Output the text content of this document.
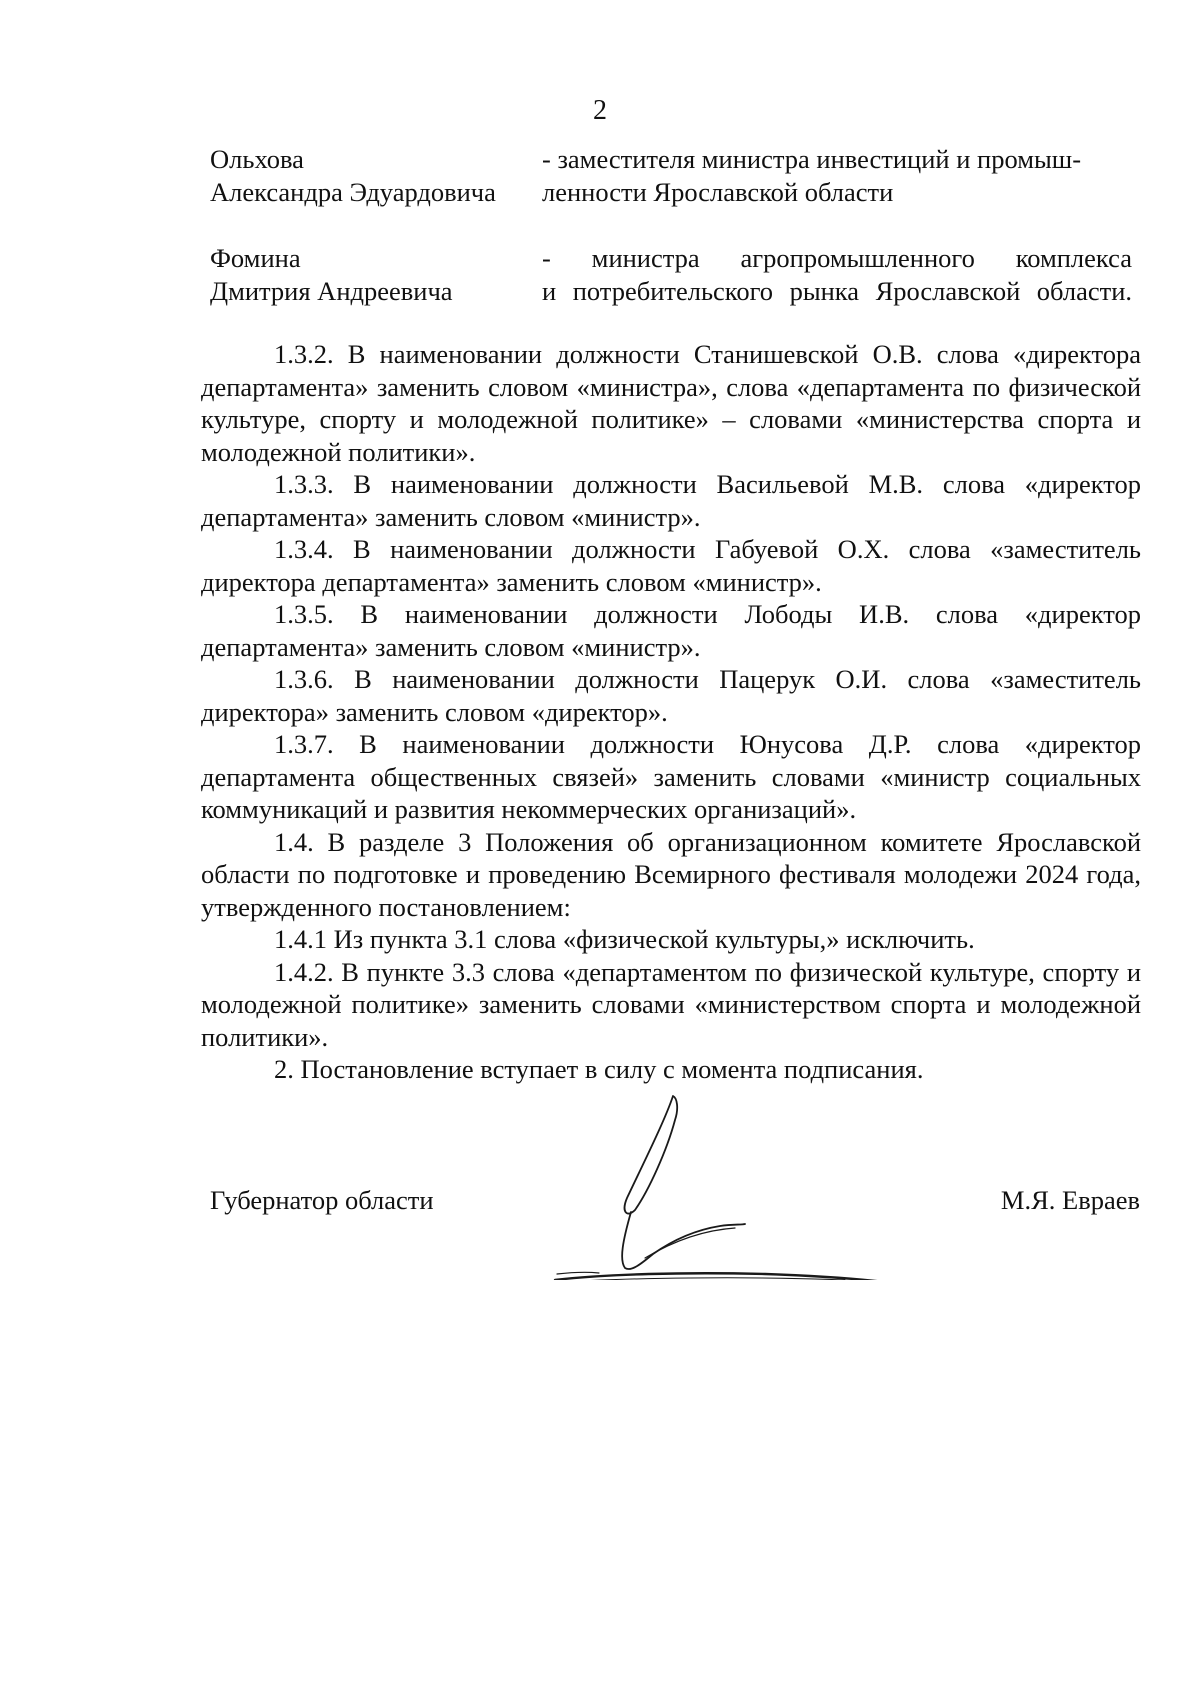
2
Ольхова
Александра Эдуардовича
- заместителя министра инвестиций и промыш-
ленности Ярославской области
Фомина
Дмитрия Андреевича
- министра агропромышленного комплекса
и потребительского рынка Ярославской области.

1.3.2. В наименовании должности Станишевской О.В. слова «директора департамента» заменить словом «министра», слова «департамента по физической культуре, спорту и молодежной политике» – словами «министерства спорта и молодежной политики».

1.3.3. В наименовании должности Васильевой М.В. слова «директор департамента» заменить словом «министр».

1.3.4. В наименовании должности Габуевой О.Х. слова «заместитель директора департамента» заменить словом «министр».

1.3.5. В наименовании должности Лободы И.В. слова «директор департамента» заменить словом «министр».

1.3.6. В наименовании должности Пацерук О.И. слова «заместитель директора» заменить словом «директор».

1.3.7. В наименовании должности Юнусова Д.Р. слова «директор департамента общественных связей» заменить словами «министр социальных коммуникаций и развития некоммерческих организаций».

1.4. В разделе 3 Положения об организационном комитете Ярославской области по подготовке и проведению Всемирного фестиваля молодежи 2024 года, утвержденного постановлением:

1.4.1 Из пункта 3.1 слова «физической культуры,» исключить.

1.4.2. В пункте 3.3 слова «департаментом по физической культуре, спорту и молодежной политике» заменить словами «министерством спорта и молодежной политики».

2. Постановление вступает в силу с момента подписания.

Губернатор области	М.Я. Евраев
